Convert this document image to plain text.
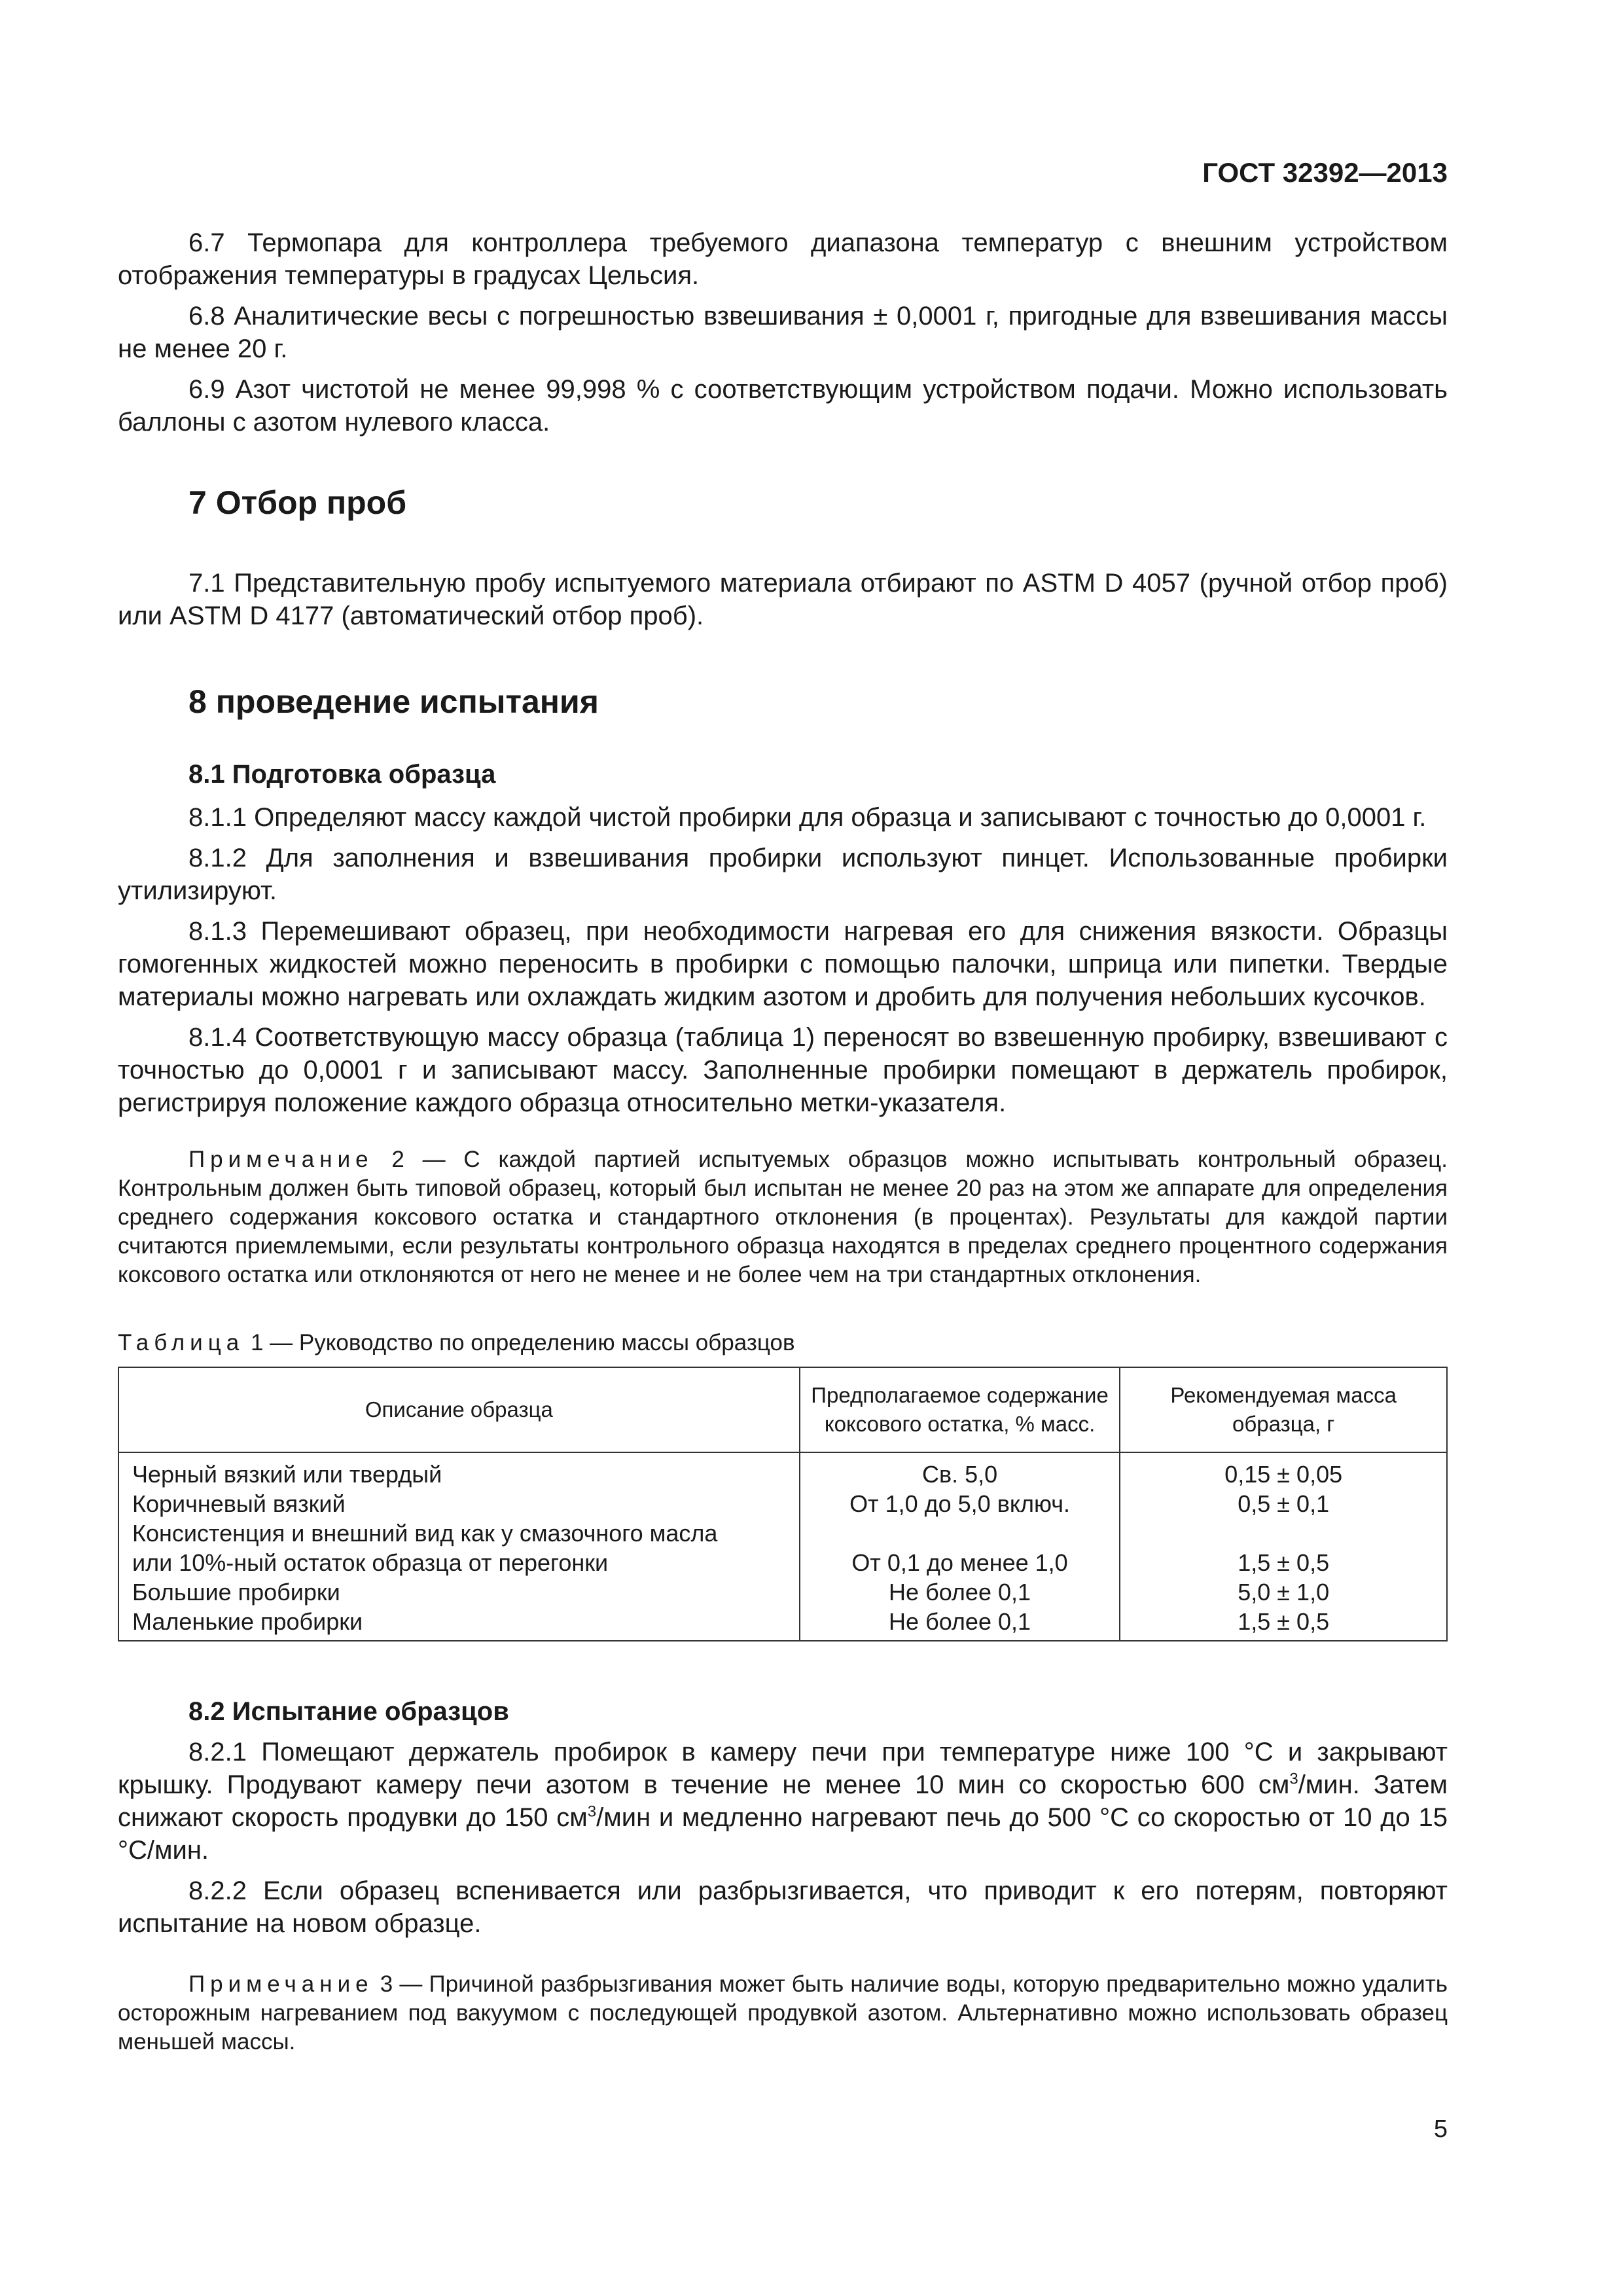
ГОСТ 32392—2013

6.7 Термопара для контроллера требуемого диапазона температур с внешним устройством отображения температуры в градусах Цельсия.

6.8 Аналитические весы с погрешностью взвешивания ± 0,0001 г, пригодные для взвешивания массы не менее 20 г.

6.9 Азот чистотой не менее 99,998 % с соответствующим устройством подачи. Можно использовать баллоны с азотом нулевого класса.

7 Отбор проб

7.1 Представительную пробу испытуемого материала отбирают по ASTM D 4057 (ручной отбор проб) или ASTM D 4177 (автоматический отбор проб).

8 проведение испытания
8.1 Подготовка образца

8.1.1 Определяют массу каждой чистой пробирки для образца и записывают с точностью до 0,0001 г.

8.1.2 Для заполнения и взвешивания пробирки используют пинцет. Использованные пробирки утилизируют.

8.1.3 Перемешивают образец, при необходимости нагревая его для снижения вязкости. Образцы гомогенных жидкостей можно переносить в пробирки с помощью палочки, шприца или пипетки. Твердые материалы можно нагревать или охлаждать жидким азотом и дробить для получения небольших кусочков.

8.1.4 Соответствующую массу образца (таблица 1) переносят во взвешенную пробирку, взвешивают с точностью до 0,0001 г и записывают массу. Заполненные пробирки помещают в держатель пробирок, регистрируя положение каждого образца относительно метки-указателя.

Примечание 2 — С каждой партией испытуемых образцов можно испытывать контрольный образец. Контрольным должен быть типовой образец, который был испытан не менее 20 раз на этом же аппарате для определения среднего содержания коксового остатка и стандартного отклонения (в процентах). Результаты для каждой партии считаются приемлемыми, если результаты контрольного образца находятся в пределах среднего процентного содержания коксового остатка или отклоняются от него не менее и не более чем на три стандартных отклонения.

Таблица 1 — Руководство по определению массы образцов

Описание образца	Предполагаемое содержание коксового остатка, % масс.	Рекомендуемая масса образца, г
Черный вязкий или твердый	Св. 5,0	0,15 ± 0,05
Коричневый вязкий	От 1,0 до 5,0 включ.	0,5 ± 0,1
Консистенция и внешний вид как у смазочного масла		
или 10%-ный остаток образца от перегонки	От 0,1 до менее 1,0	1,5 ± 0,5
Большие пробирки	Не более 0,1	5,0 ± 1,0
Маленькие пробирки	Не более 0,1	1,5 ± 0,5
8.2 Испытание образцов

8.2.1 Помещают держатель пробирок в камеру печи при температуре ниже 100 °С и закрывают крышку. Продувают камеру печи азотом в течение не менее 10 мин со скоростью 600 $см^3$/мин. Затем снижают скорость продувки до 150 $см^3$/мин и медленно нагревают печь до 500 °С со скоростью от 10 до 15 °С/мин.

8.2.2 Если образец вспенивается или разбрызгивается, что приводит к его потерям, повторяют испытание на новом образце.

Примечание 3 — Причиной разбрызгивания может быть наличие воды, которую предварительно можно удалить осторожным нагреванием под вакуумом с последующей продувкой азотом. Альтернативно можно использовать образец меньшей массы.

5
